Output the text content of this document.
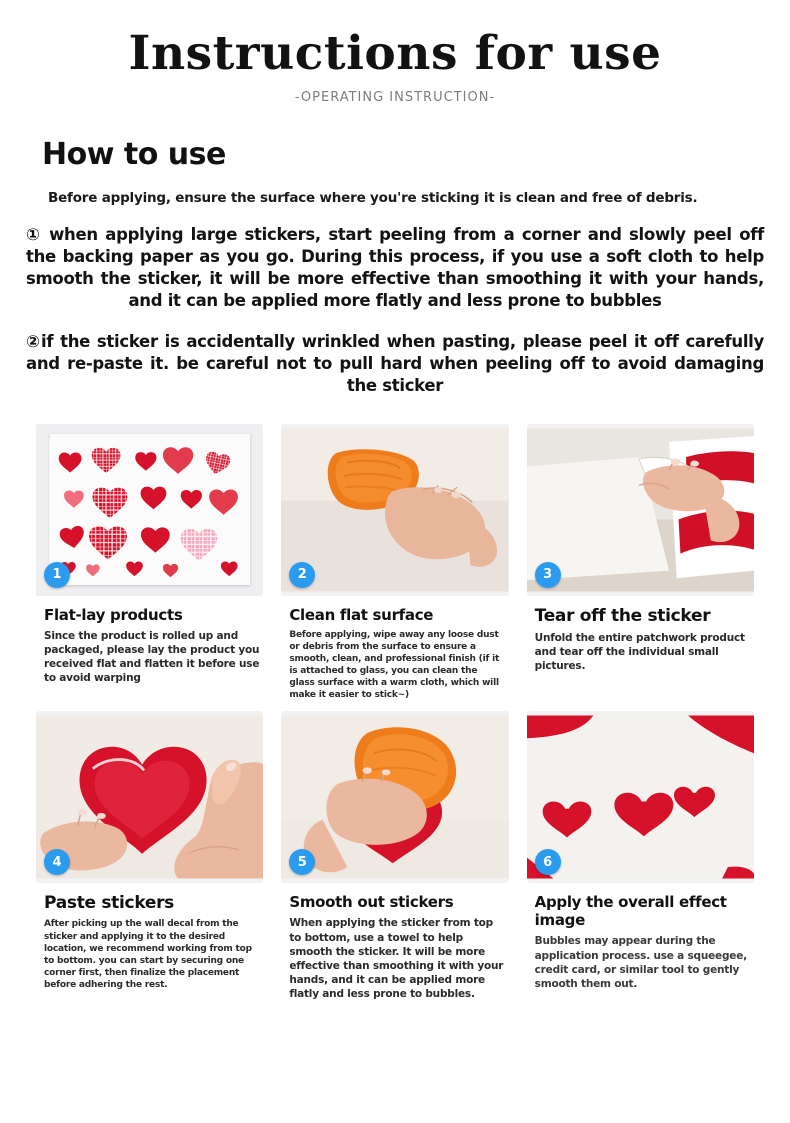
Instructions for use
-OPERATING INSTRUCTION-
How to use
Before applying, ensure the surface where you're sticking it is clean and free of debris.
① when applying large stickers, start peeling from a corner and slowly peel off the backing paper as you go. During this process, if you use a soft cloth to help smooth the sticker, it will be more effective than smoothing it with your hands, and it can be applied more flatly and less prone to bubbles
②if the sticker is accidentally wrinkled when pasting, please peel it off carefully and re-paste it. be careful not to pull hard when peeling off to avoid damaging the sticker
1
Flat-lay products
Since the product is rolled up and packaged, please lay the product you received flat and flatten it before use to avoid warping
2
Clean flat surface
Before applying, wipe away any loose dust or debris from the surface to ensure a smooth, clean, and professional finish (if it is attached to glass, you can clean the glass surface with a warm cloth, which will make it easier to stick~)
3
Tear off the sticker
Unfold the entire patchwork product and tear off the individual small pictures.
4
Paste stickers
After picking up the wall decal from the sticker and applying it to the desired location, we recommend working from top to bottom. you can start by securing one corner first, then finalize the placement before adhering the rest.
5
Smooth out stickers
When applying the sticker from top to bottom, use a towel to help smooth the sticker. It will be more effective than smoothing it with your hands, and it can be applied more flatly and less prone to bubbles.
6
Apply the overall effect image
Bubbles may appear during the application process. use a squeegee, credit card, or similar tool to gently smooth them out.
